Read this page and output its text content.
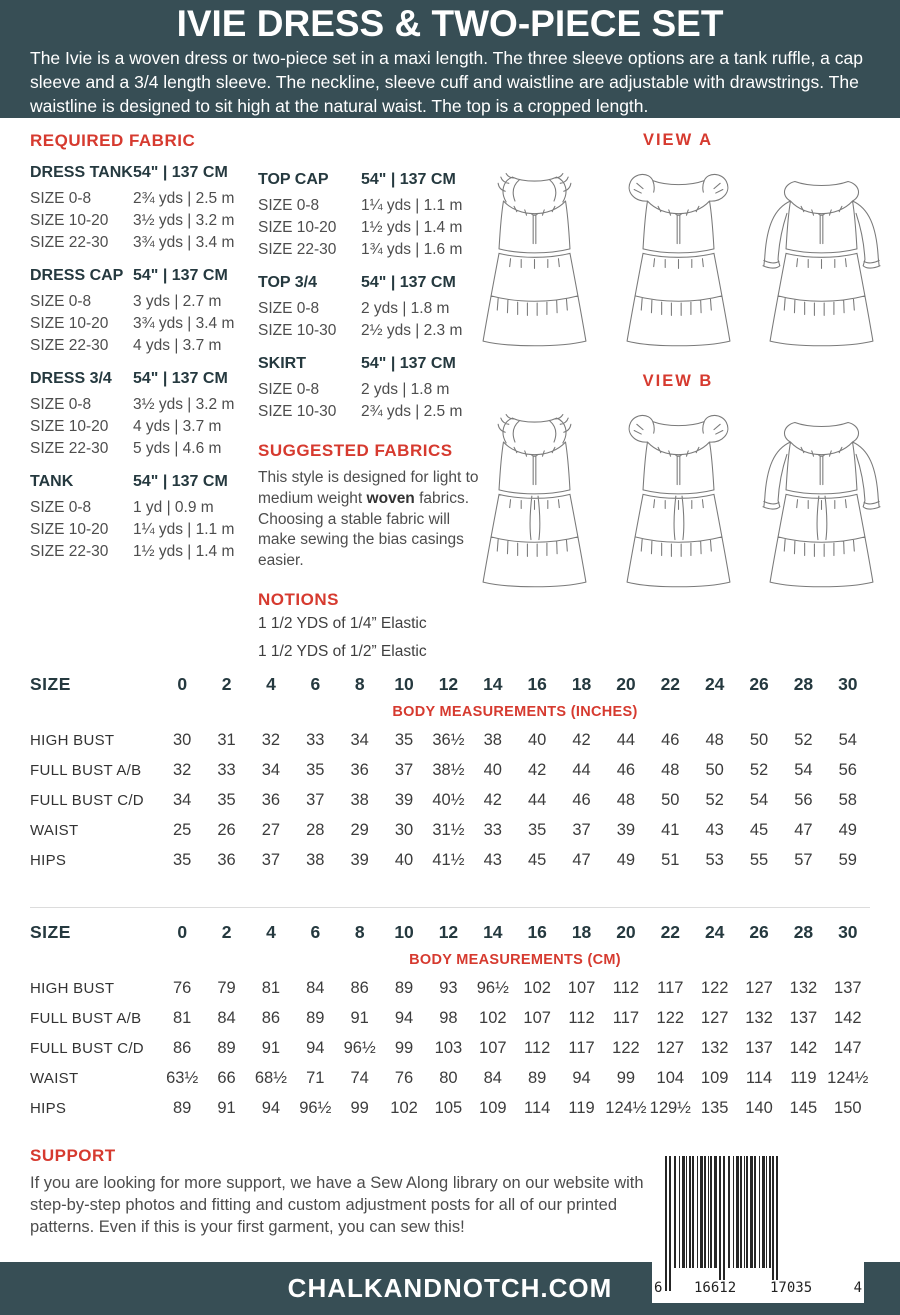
IVIE DRESS & TWO-PIECE SET

The Ivie is a woven dress or two-piece set in a maxi length. The three sleeve options are a tank ruffle, a cap sleeve and a 3/4 length sleeve. The neckline, sleeve cuff and waistline are adjustable with drawstrings. The waistline is designed to sit high at the natural waist. The top is a cropped length.

REQUIRED FABRIC
DRESS TANK 54" | 137 CM
SIZE 0-8	2¾ yds | 2.5 m
SIZE 10-20	3½ yds | 3.2 m
SIZE 22-30	3¾ yds | 3.4 m
DRESS CAP 54" | 137 CM
SIZE 0-8	3 yds | 2.7 m
SIZE 10-20	3¾ yds | 3.4 m
SIZE 22-30	4 yds | 3.7 m
DRESS 3/4	54" | 137 CM
SIZE 0-8	3½ yds | 3.2 m
SIZE 10-20	4 yds | 3.7 m
SIZE 22-30	5 yds | 4.6 m
TANK	54" | 137 CM
SIZE 0-8	1 yd | 0.9 m
SIZE 10-20	1¼ yds | 1.1 m
SIZE 22-30	1½ yds | 1.4 m
TOP CAP	54" | 137 CM
SIZE 0-8	1¼ yds | 1.1 m
SIZE 10-20	1½ yds | 1.4 m
SIZE 22-30	1¾ yds | 1.6 m
TOP 3/4	54" | 137 CM
SIZE 0-8	2 yds | 1.8 m
SIZE 10-30	2½ yds | 2.3 m
SKIRT	54" | 137 CM
SIZE 0-8	2 yds | 1.8 m
SIZE 10-30	2¾ yds | 2.5 m
SUGGESTED FABRICS

This style is designed for light to medium weight woven fabrics. Choosing a stable fabric will make sewing the bias casings easier.

NOTIONS
1 1/2 YDS of 1/4” Elastic
1 1/2 YDS of 1/2” Elastic
VIEW A
VIEW B
SIZE	0	2	4	6	8	10	12	14	16	18	20	22	24	26	28	30
	BODY MEASUREMENTS (INCHES)															
HIGH BUST	30	31	32	33	34	35	36½	38	40	42	44	46	48	50	52	54
FULL BUST A/B	32	33	34	35	36	37	38½	40	42	44	46	48	50	52	54	56
FULL BUST C/D	34	35	36	37	38	39	40½	42	44	46	48	50	52	54	56	58
WAIST	25	26	27	28	29	30	31½	33	35	37	39	41	43	45	47	49
HIPS	35	36	37	38	39	40	41½	43	45	47	49	51	53	55	57	59
SIZE	0	2	4	6	8	10	12	14	16	18	20	22	24	26	28	30
	BODY MEASUREMENTS (CM)															
HIGH BUST	76	79	81	84	86	89	93	96½	102	107	112	117	122	127	132	137
FULL BUST A/B	81	84	86	89	91	94	98	102	107	112	117	122	127	132	137	142
FULL BUST C/D	86	89	91	94	96½	99	103	107	112	117	122	127	132	137	142	147
WAIST	63½	66	68½	71	74	76	80	84	89	94	99	104	109	114	119	124½
HIPS	89	91	94	96½	99	102	105	109	114	119	124½	129½	135	140	145	150
SUPPORT

If you are looking for more support, we have a Sew Along library on our website with step-by-step photos and fitting and custom adjustment posts for all of our printed patterns. Even if this is your first garment, you can sew this!

CHALKANDNOTCH.COM	6 16612 17035	4
